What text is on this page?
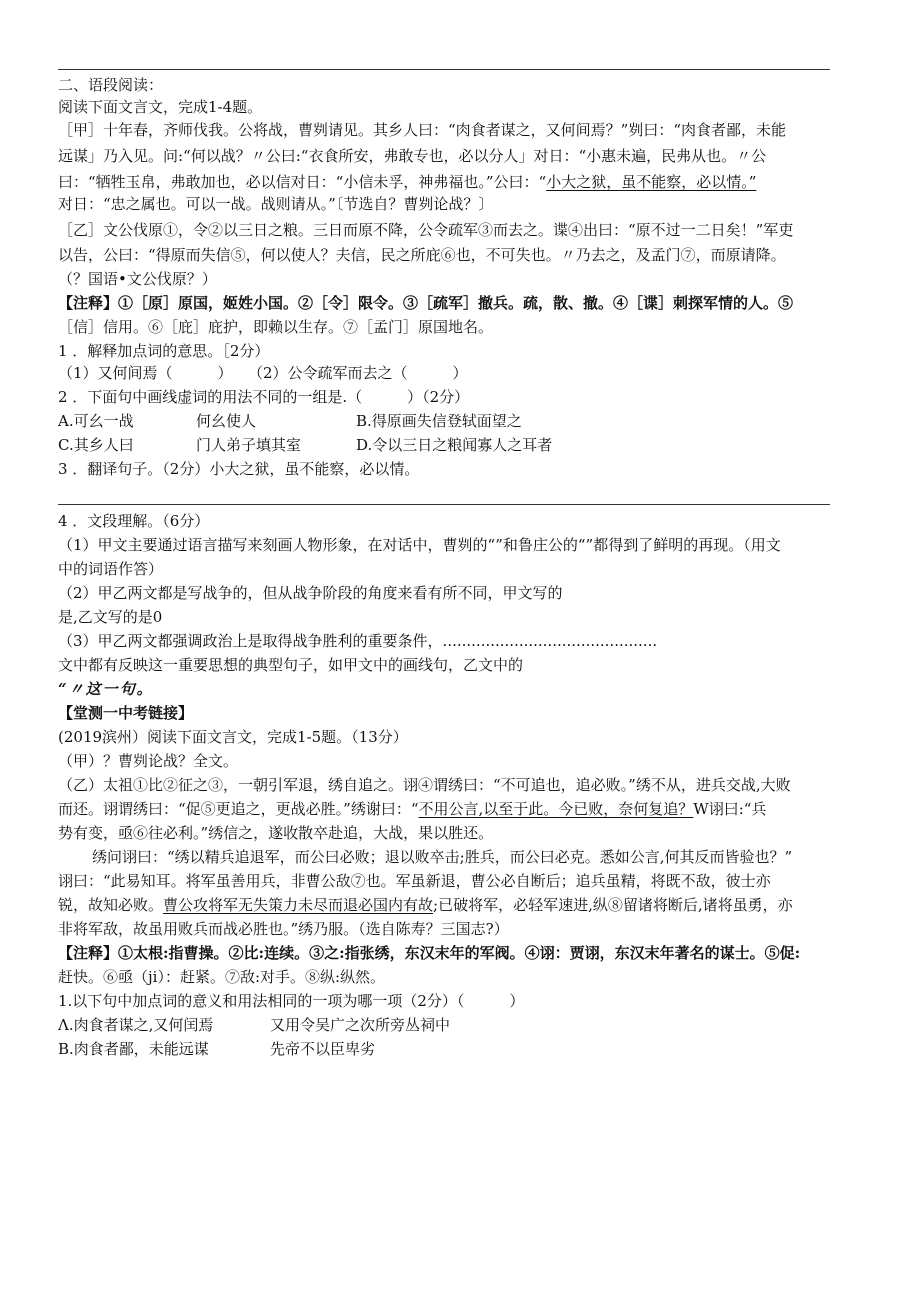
二、语段阅读：
阅读下面文言文，完成1-4题。
［甲］十年春，齐师伐我。公将战，曹刿请见。其乡人曰：“肉食者谋之，又何间焉？”刿曰：“肉食者鄙，未能
远谋」乃入见。问:“何以战？〃公曰:“衣食所安，弗敢专也，必以分人」对日：“小惠未遍，民弗从也。〃公
曰：“牺牲玉帛，弗敢加也，必以信对日：“小信未孚，神弗福也。”公曰：“小大之狱，虽不能察，必以情。”
对日：“忠之属也。可以一战。战则请从。”〔节选自？曹刿论战？〕
［乙］文公伐原①，令②以三日之粮。三日而原不降，公令疏军③而去之。谍④出曰：“原不过一二日矣！”军吏
以告，公曰：“得原而失信⑤，何以使人？夫信，民之所庇⑥也，不可失也。〃乃去之，及孟门⑦，而原请降。
（？国语•文公伐原？）
【注释】①［原］原国，姬姓小国。②［令］限令。③［疏军］撤兵。疏，散、撤。④［谍］刺探军情的人。⑤
［信］信用。⑥［庇］庇护，即赖以生存。⑦［孟门］原国地名。
1 ．解释加点词的意思。［2分）
（1）又何间焉（　　　） （2）公令疏军而去之（　　　）
2 ．下面句中画线虚词的用法不同的一组是.（　　　）（2分）
A.可幺一战	何幺使人	B.得原画失信登轼面望之
C.其乡人曰	门人弟子填其室	D.令以三日之粮闻寡人之耳者
3 ．翻译句子。（2分）小大之狱，虽不能察，必以情。
4 ．文段理解。（6分）
（1）甲文主要通过语言描写来刻画人物形象，在对话中，曹刿的“”和鲁庄公的“”都得到了鲜明的再现。（用文
中的词语作答）
（2）甲乙两文都是写战争的，但从战争阶段的角度来看有所不同，甲文写的
是,乙文写的是0
（3）甲乙两文都强调政治上是取得战争胜利的重要条件，.............................................
文中都有反映这一重要思想的典型句子，如甲文中的画线句，乙文中的
“〃这一句。
【堂测一中考链接】
(2019滨州）阅读下面文言文，完成1-5题。（13分）
（甲）？曹刿论战？全文。
（乙）太祖①比②征之③，一朝引军退，绣自追之。诩④谓绣曰：“不可追也，追必败。”绣不从，进兵交战,大败
而还。诩谓绣曰：“促⑤更追之，更战必胜。”绣谢曰：“不用公言,以至于此。今已败，奈何复追？W诩曰:“兵
势有变，亟⑥往必利。”绣信之，遂收散卒赴追，大战，果以胜还。
绣问诩曰：“绣以精兵追退军，而公曰必败；退以败卒击;胜兵，而公曰必克。悉如公言,何其反而皆验也？”
诩曰：“此易知耳。将军虽善用兵，非曹公敌⑦也。军虽新退，曹公必自断后；追兵虽精，将既不敌，彼士亦
锐，故知必败。曹公攻将军无失策力未尽而退必国内有故;已破将军，必轻军速进,纵⑧留诸将断后,诸将虽勇，亦
非将军敌，故虽用败兵而战必胜也。”绣乃服。（选自陈寿？三国志?）
【注释】①太根:指曹操。②比:连续。③之:指张绣，东汉末年的军阀。④诩：贾诩，东汉末年著名的谋士。⑤促:
赶快。⑥亟（ji）：赶紧。⑦敌:对手。⑧纵:纵然。
1.以下句中加点词的意义和用法相同的一项为哪一项（2分）（　　　）
Λ.肉食者谋之,又何闰焉	又用令吴广之次所旁丛祠中
B.肉食者鄙，未能远谋	先帝不以臣卑劣
